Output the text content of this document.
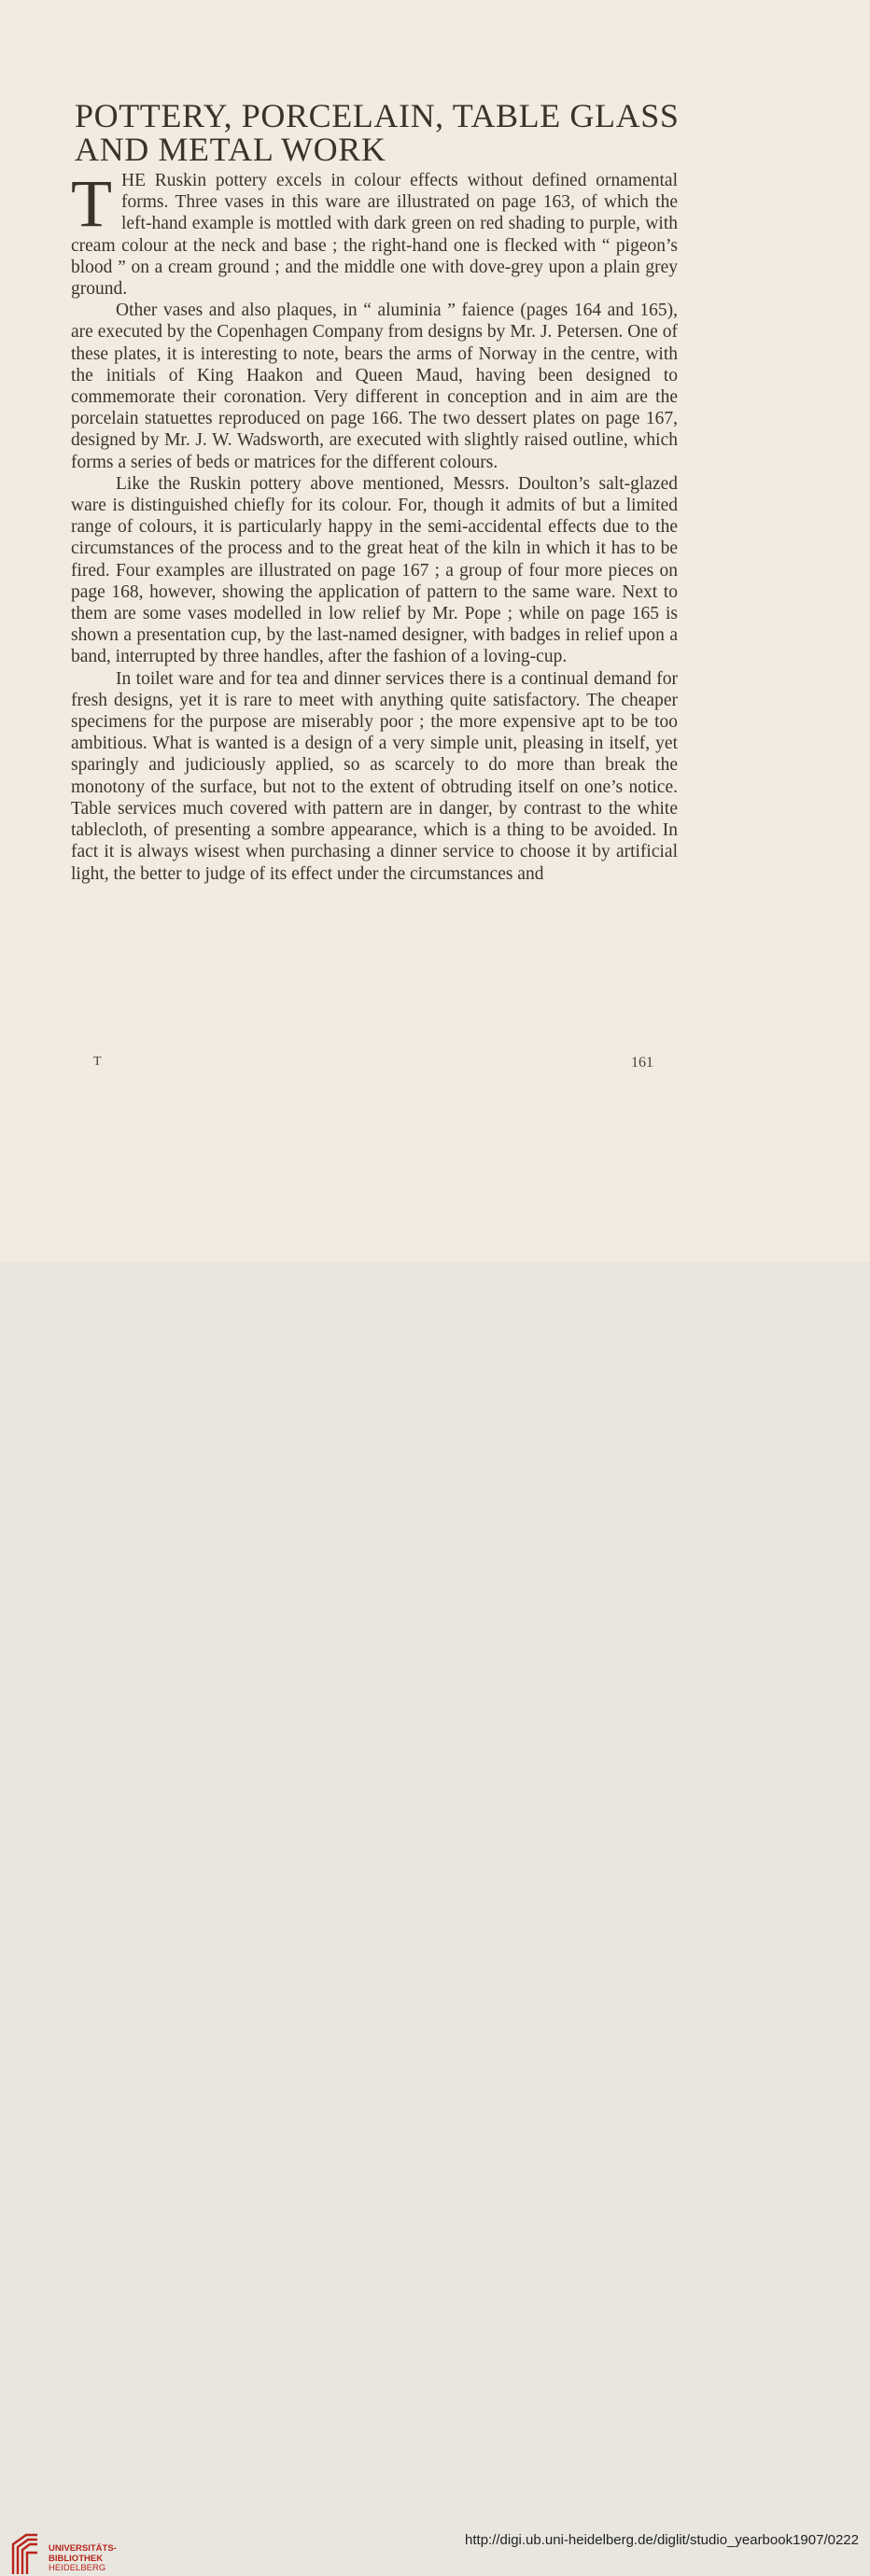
POTTERY, PORCELAIN, TABLE GLASS
AND METAL WORK

THE Ruskin pottery excels in colour effects without defined ornamental forms. Three vases in this ware are illustrated on page 163, of which the left-hand example is mottled with dark green on red shading to purple, with cream colour at the neck and base ; the right-hand one is flecked with “ pigeon’s blood ” on a cream ground ; and the middle one with dove-grey upon a plain grey ground.

Other vases and also plaques, in “ aluminia ” faience (pages 164 and 165), are executed by the Copenhagen Company from designs by Mr. J. Petersen. One of these plates, it is interesting to note, bears the arms of Norway in the centre, with the initials of King Haakon and Queen Maud, having been designed to commemorate their coronation. Very different in conception and in aim are the porcelain statuettes reproduced on page 166. The two dessert plates on page 167, designed by Mr. J. W. Wadsworth, are executed with slightly raised outline, which forms a series of beds or matrices for the different colours.

Like the Ruskin pottery above mentioned, Messrs. Doulton’s salt-glazed ware is distinguished chiefly for its colour. For, though it admits of but a limited range of colours, it is particularly happy in the semi-accidental effects due to the circumstances of the process and to the great heat of the kiln in which it has to be fired. Four examples are illustrated on page 167 ; a group of four more pieces on page 168, however, showing the application of pattern to the same ware. Next to them are some vases modelled in low relief by Mr. Pope ; while on page 165 is shown a presentation cup, by the last-named designer, with badges in relief upon a band, interrupted by three handles, after the fashion of a loving-cup.

In toilet ware and for tea and dinner services there is a continual demand for fresh designs, yet it is rare to meet with anything quite satisfactory. The cheaper specimens for the purpose are miserably poor ; the more expensive apt to be too ambitious. What is wanted is a design of a very simple unit, pleasing in itself, yet sparingly and judiciously applied, so as scarcely to do more than break the monotony of the surface, but not to the extent of obtruding itself on one’s notice. Table services much covered with pattern are in danger, by contrast to the white tablecloth, of presenting a sombre appearance, which is a thing to be avoided. In fact it is always wisest when purchasing a dinner service to choose it by artificial light, the better to judge of its effect under the circumstances and

T	161
UNIVERSITÄTS-
BIBLIOTHEK
HEIDELBERG
http://digi.ub.uni-heidelberg.de/diglit/studio_yearbook1907/0222
